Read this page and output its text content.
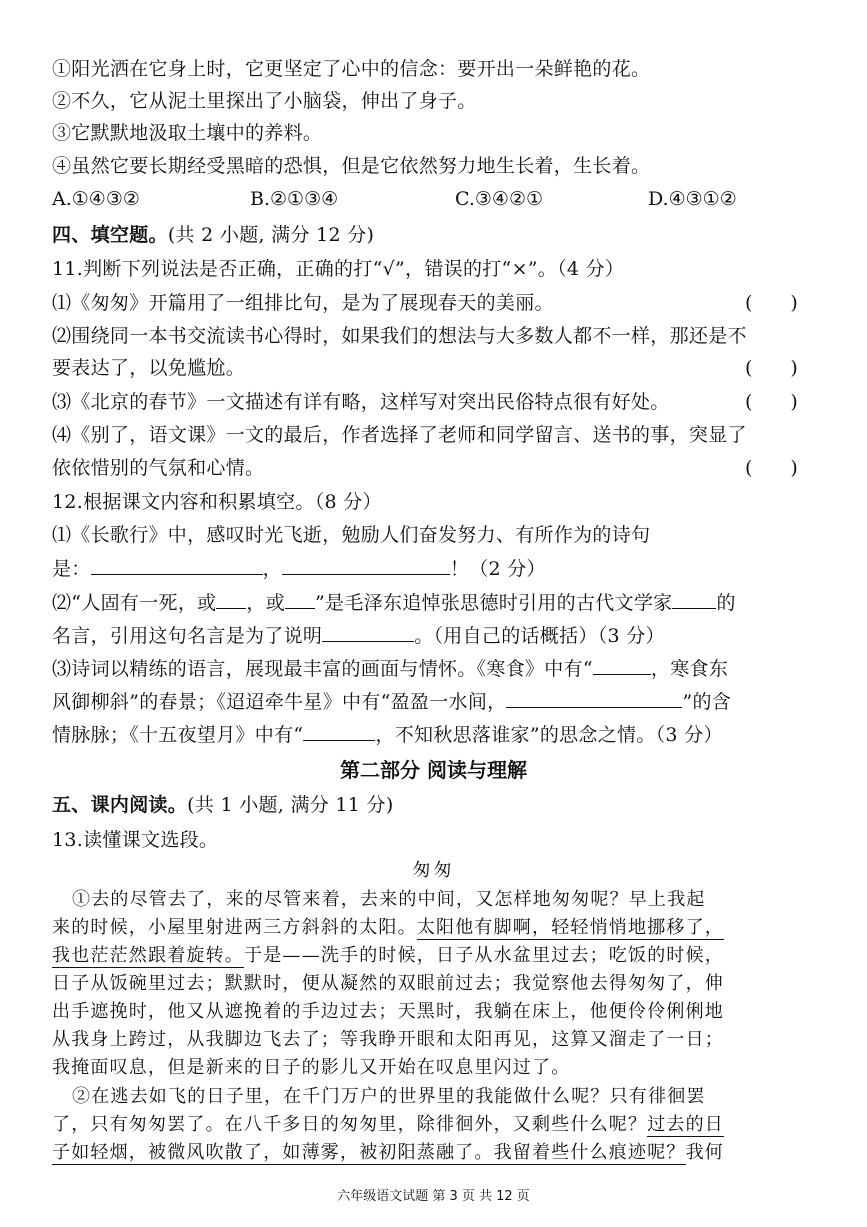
①阳光洒在它身上时，它更坚定了心中的信念：要开出一朵鲜艳的花。
②不久，它从泥土里探出了小脑袋，伸出了身子。
③它默默地汲取土壤中的养料。
④虽然它要长期经受黑暗的恐惧，但是它依然努力地生长着，生长着。
A.①④③②	B.②①③④	C.③④②①	D.④③①②
四、填空题。(共 2 小题, 满分 12 分)
11.判断下列说法是否正确，正确的打“√”，错误的打“×”。（4 分）
⑴《匆匆》开篇用了一组排比句，是为了展现春天的美丽。	(　　)
⑵围绕同一本书交流读书心得时，如果我们的想法与大多数人都不一样，那还是不
要表达了，以免尴尬。	(　　)
⑶《北京的春节》一文描述有详有略，这样写对突出民俗特点很有好处。	(　　)
⑷《别了，语文课》一文的最后，作者选择了老师和同学留言、送书的事，突显了
依依惜别的气氛和心情。	(　　)
12.根据课文内容和积累填空。（8 分）
⑴《长歌行》中，感叹时光飞逝，勉励人们奋发努力、有所作为的诗句
是：	，	！（2 分）
⑵“人固有一死，或 ，或 ”是毛泽东追悼张思德时引用的古代文学家 的
名言，引用这句名言是为了说明	。（用自己的话概括）（3 分）
⑶诗词以精练的语言，展现最丰富的画面与情怀。《寒食》中有“	，寒食东
风御柳斜”的春景；《迢迢牵牛星》中有“盈盈一水间，	”的含
情脉脉；《十五夜望月》中有“	，不知秋思落谁家”的思念之情。（3 分）
第二部分 阅读与理解
五、课内阅读。(共 1 小题, 满分 11 分)
13.读懂课文选段。
匆匆
①去的尽管去了，来的尽管来着，去来的中间，又怎样地匆匆呢？早上我起
来的时候，小屋里射进两三方斜斜的太阳。太阳他有脚啊，轻轻悄悄地挪移了，
我也茫茫然跟着旋转。于是——洗手的时候，日子从水盆里过去；吃饭的时候，
日子从饭碗里过去；默默时，便从凝然的双眼前过去；我觉察他去得匆匆了，伸
出手遮挽时，他又从遮挽着的手边过去；天黑时，我躺在床上，他便伶伶俐俐地
从我身上跨过，从我脚边飞去了；等我睁开眼和太阳再见，这算又溜走了一日；
我掩面叹息，但是新来的日子的影儿又开始在叹息里闪过了。
②在逃去如飞的日子里，在千门万户的世界里的我能做什么呢？只有徘徊罢
了，只有匆匆罢了。在八千多日的匆匆里，除徘徊外，又剩些什么呢？过去的日
子如轻烟，被微风吹散了，如薄雾，被初阳蒸融了。我留着些什么痕迹呢？我何
六年级语文试题 第 3 页 共 12 页
